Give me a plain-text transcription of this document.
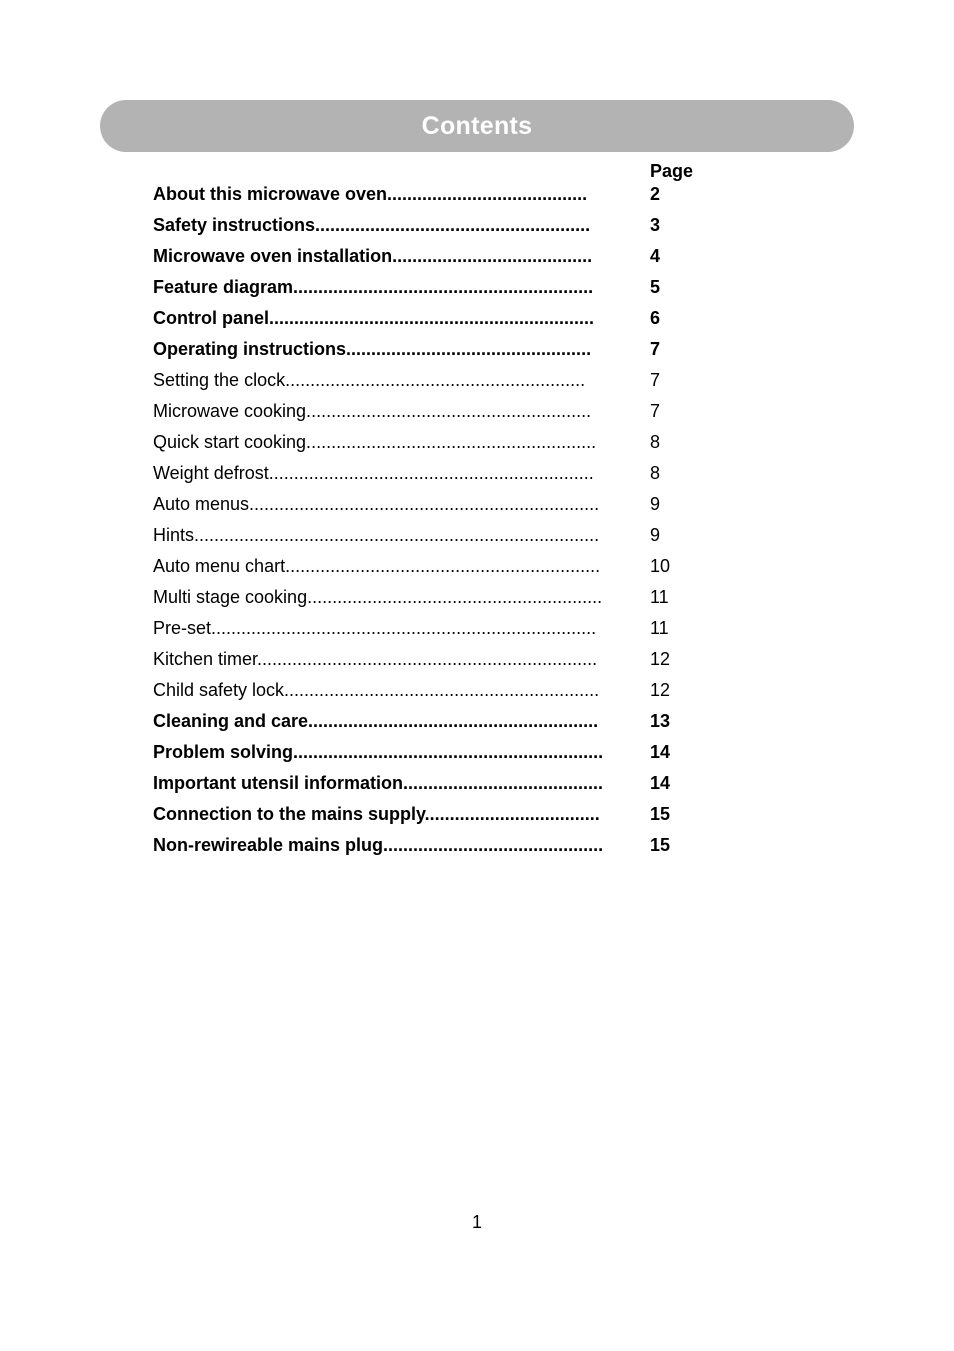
Contents
Page
About this microwave oven........................................	2
Safety instructions.......................................................	3
Microwave oven installation........................................	4
Feature diagram............................................................	5
Control panel.................................................................	6
Operating instructions.................................................	7
Setting the clock............................................................	7
Microwave cooking.........................................................	7
Quick start cooking..........................................................	8
Weight defrost.................................................................	8
Auto menus......................................................................	9
Hints.................................................................................	9
Auto menu chart...............................................................	10
Multi stage cooking...........................................................	11
Pre-set.............................................................................	11
Kitchen timer....................................................................	12
Child safety lock...............................................................	12
Cleaning and care..........................................................	13
Problem solving..............................................................	14
Important utensil information........................................	14
Connection to the mains supply...................................	15
Non-rewireable mains plug............................................	15
1
